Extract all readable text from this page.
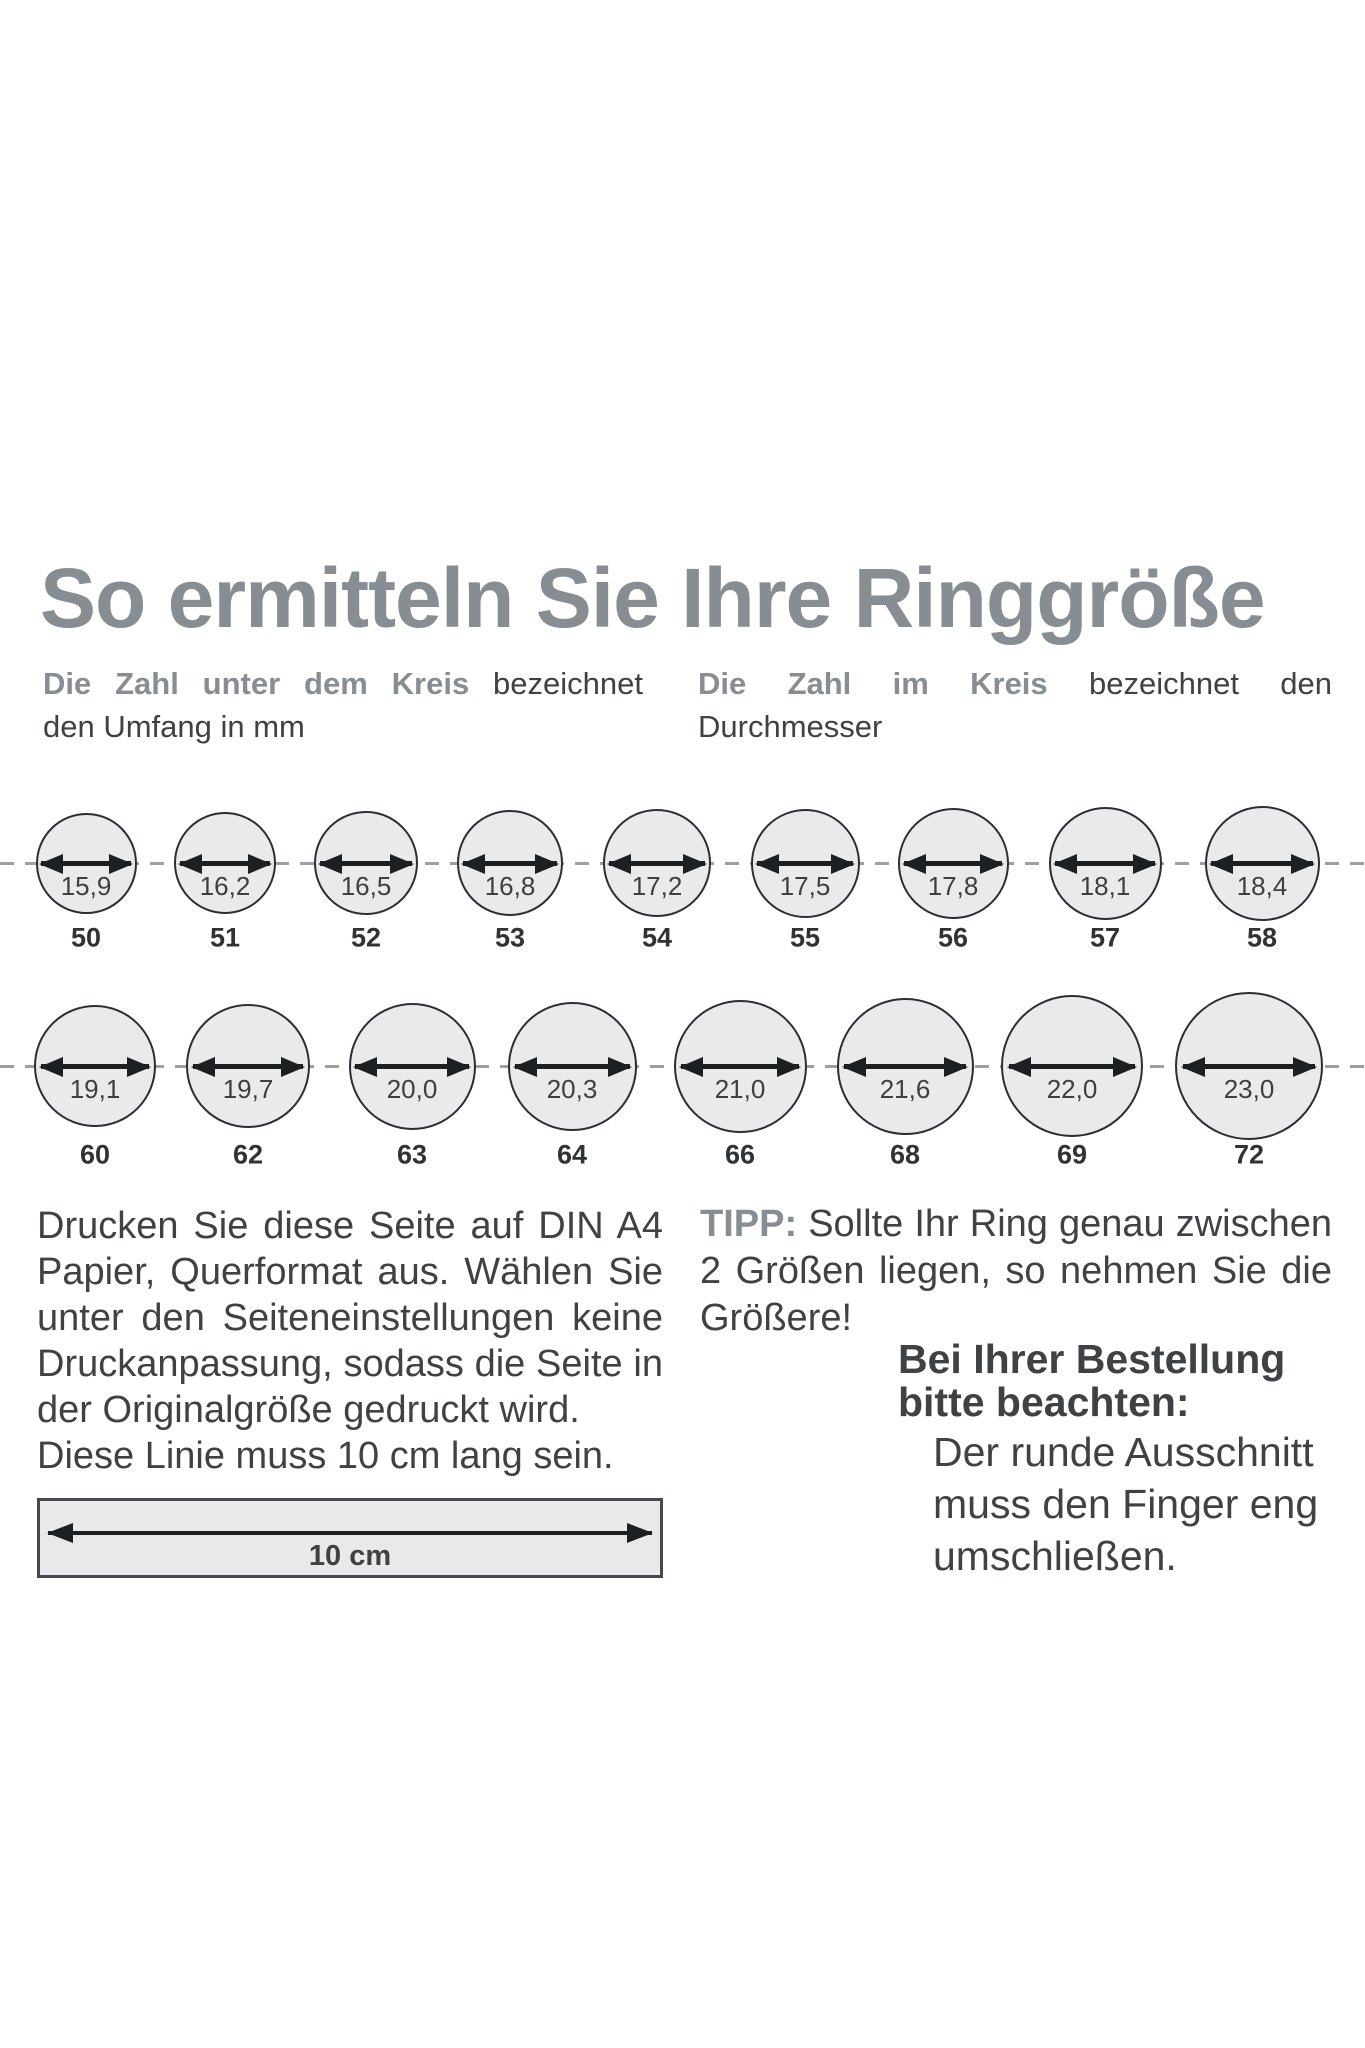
So ermitteln Sie Ihre Ringgröße
Die Zahl unter dem Kreis bezeichnet
den Umfang in mm
Die Zahl im Kreis bezeichnet den
Durchmesser
Drucken Sie diese Seite auf DIN A4
Papier, Querformat aus. Wählen Sie
unter den Seiteneinstellungen keine
Druckanpassung, sodass die Seite in
der Originalgröße gedruckt wird.
Diese Linie muss 10 cm lang sein.
10 cm
TIPP: Sollte Ihr Ring genau zwischen
2 Größen liegen, so nehmen Sie die
Größere!
Bei Ihrer Bestellung
bitte beachten:
Der runde Ausschnitt
muss den Finger eng
umschließen.
15,9
50
16,2
51
16,5
52
16,8
53
17,2
54
17,5
55
17,8
56
18,1
57
18,4
58
19,1
60
19,7
62
20,0
63
20,3
64
21,0
66
21,6
68
22,0
69
23,0
72
